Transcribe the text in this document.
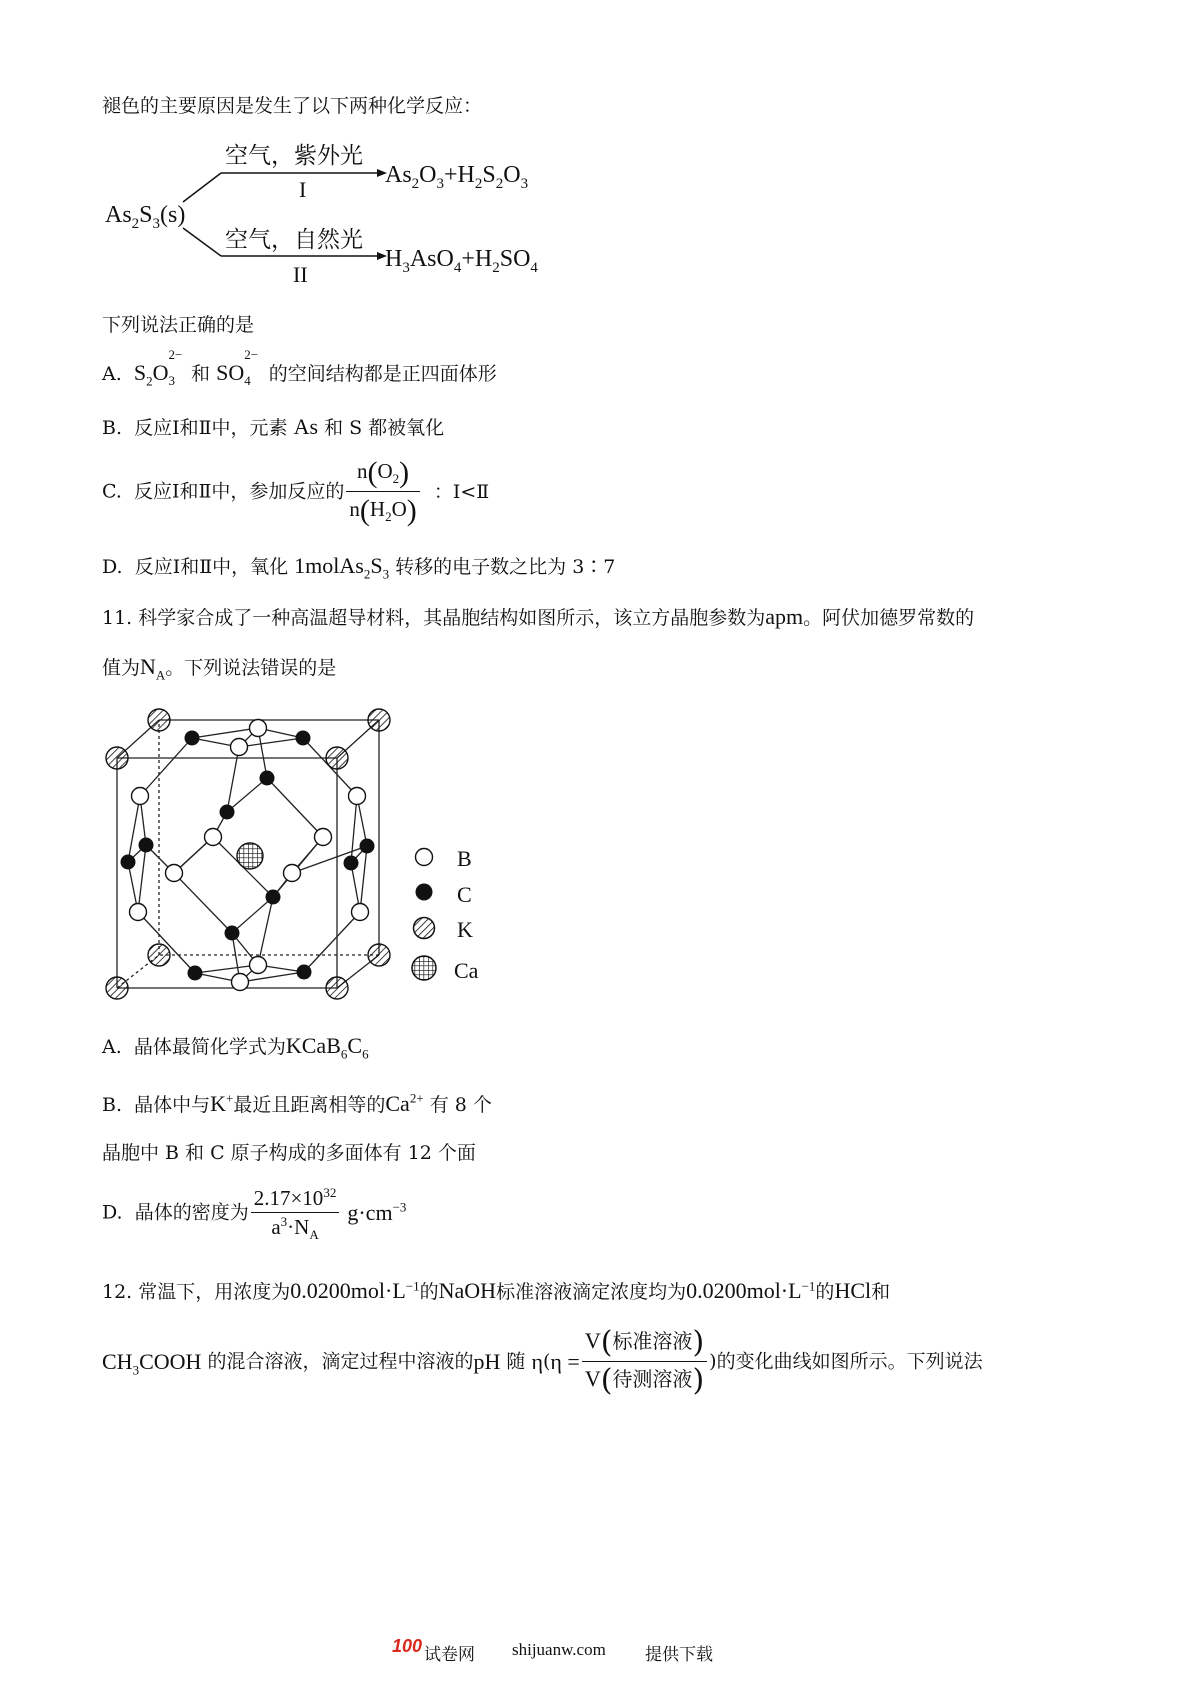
褪色的主要原因是发生了以下两种化学反应：
$As_2S_3(s)$
空气，紫外光
I
$As_2O_3+H_2S_2O_3$
空气，自然光
II
$H_3AsO_4+H_2SO_4$
下列说法正确的是
A. $S_2O$
$_{2- 3}$ 和 SO
$_{2- 4}$ 的空间结构都是正四面体形
B. 反应Ⅰ和Ⅱ中，元素 As 和 S 都被氧化
C. 反应Ⅰ和Ⅱ中，参加反应的 $\frac{n(O_2)}{n(H_2O)}$ ：Ⅰ<Ⅱ
D. 反应Ⅰ和Ⅱ中，氧化 $1molAs_2S_3$ 转移的电子数之比为 3∶7
11. 科学家合成了一种高温超导材料，其晶胞结构如图所示，该立方晶胞参数为apm。阿伏加德罗常数的
值为$N_A$。下列说法错误的是
B
C
K
Ca
A. 晶体最简化学式为$KCaB_6C_6$
B. 晶体中与K+最近且距离相等的$Ca^{2+}$ 有 8 个
晶胞中 B 和 C 原子构成的多面体有 12 个面
D. 晶体的密度为 $\frac{2.17\times 10^{32}}{a^3\cdot N_A} g\cdot cm^{-3}$
12. 常温下，用浓度为$0.0200mol\cdot L^{-1}$的NaOH标准溶液滴定浓度均为$0.0200mol\cdot L^{-1}$的HCl和
$CH_3COOH$ 的混合溶液，滴定过程中溶液的pH 随 $\eta(\eta = \frac{\text{V(标准溶液)}}{\text{V(待测溶液)}}$ )的变化曲线如图所示。下列说法
100 试卷网 shijuanw.com 提供下载
